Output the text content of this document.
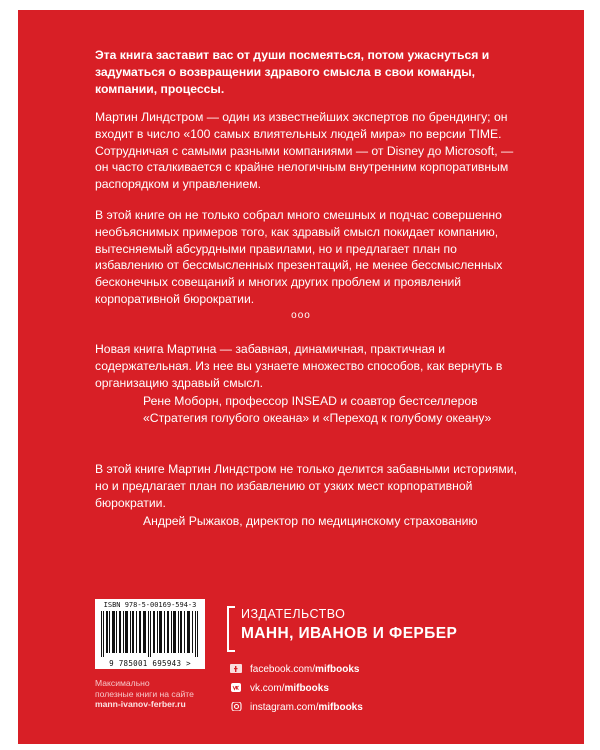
Эта книга заставит вас от души посмеяться, потом ужаснуться и задуматься о возвращении здравого смысла в свои команды, компании, процессы.

Мартин Линдстром — один из известнейших экспертов по брендингу; он входит в число «100 самых влиятельных людей мира» по версии TIME. Сотрудничая с самыми разными компаниями — от Disney до Microsoft, — он часто сталкивается с крайне нелогичным внутренним корпоративным распорядком и управлением.

В этой книге он не только собрал много смешных и подчас совершенно необъяснимых примеров того, как здравый смысл покидает компанию, вытесняемый абсурдными правилами, но и предлагает план по избавлению от бессмысленных презентаций, не менее бессмысленных бесконечных совещаний и многих других проблем и проявлений корпоративной бюрократии.

ооо

Новая книга Мартина — забавная, динамичная, практичная и содержательная. Из нее вы узнаете множество способов, как вернуть в организацию здравый смысл.

Рене Моборн, профессор INSEAD и соавтор бестселлеров «Стратегия голубого океана» и «Переход к голубому океану»

В этой книге Мартин Линдстром не только делится забавными историями, но и предлагает план по избавлению от узких мест корпоративной бюрократии.

Андрей Рыжаков, директор по медицинскому страхованию

ISBN 978-5-00169-594-3
9 785001 695943 >
Максимально
полезные книги на сайте
mann-ivanov-ferber.ru
ИЗДАТЕЛЬСТВО
МАНН, ИВАНОВ И ФЕРБЕР
facebook.com/mifbooks
vk.com/mifbooks
instagram.com/mifbooks
